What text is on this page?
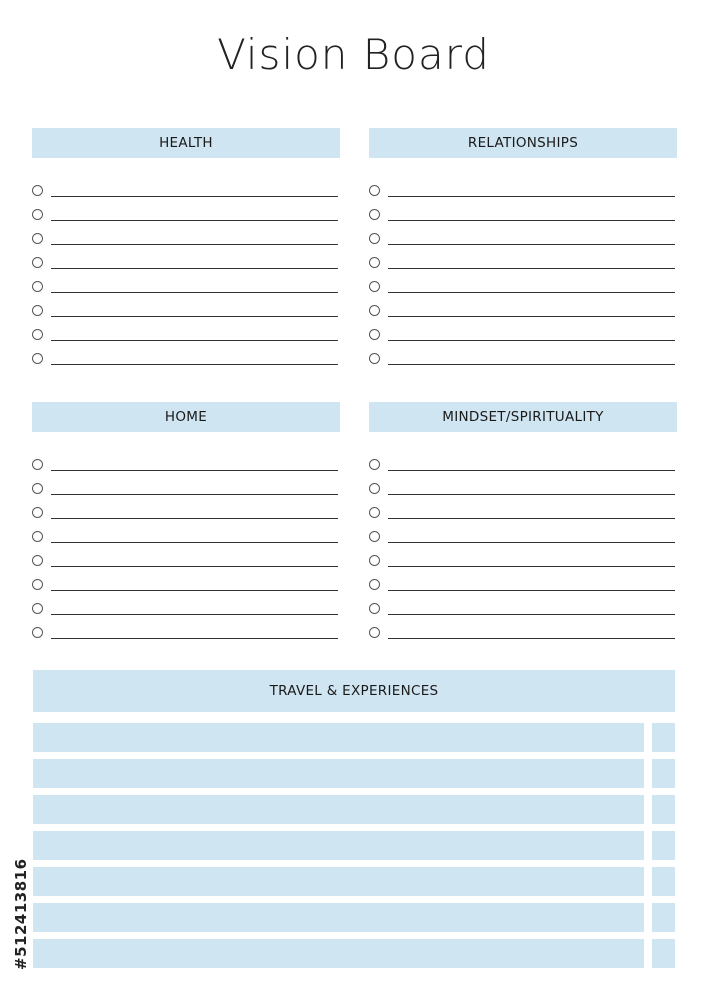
Vision Board
HEALTH	RELATIONSHIPS
HOME	MINDSET/SPIRITUALITY
TRAVEL & EXPERIENCES
#512413816
